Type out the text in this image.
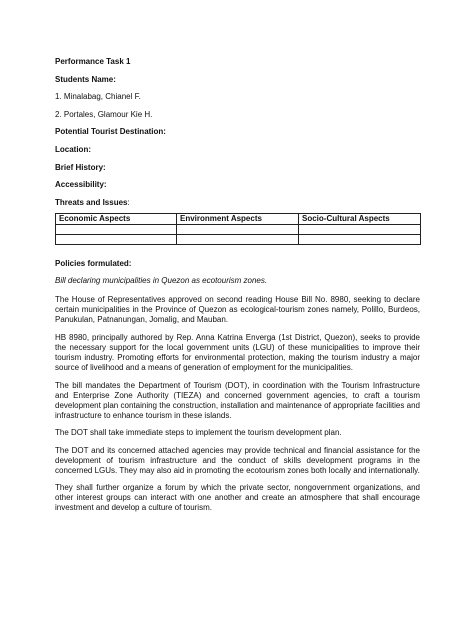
Performance Task 1

Students Name:

1. Minalabag, Chianel F.

2. Portales, Glamour Kie H.

Potential Tourist Destination:

Location:

Brief History:

Accessibility:

Threats and Issues:

Economic Aspects	Environment Aspects	Socio-Cultural Aspects

Policies formulated:

Bill declaring municipalities in Quezon as ecotourism zones.

The House of Representatives approved on second reading House Bill No. 8980, seeking to declare certain municipalities in the Province of Quezon as ecological-tourism zones namely, Polillo, Burdeos, Panukulan, Patnanungan, Jomalig, and Mauban.

HB 8980, principally authored by Rep. Anna Katrina Enverga (1st District, Quezon), seeks to provide the necessary support for the local government units (LGU) of these municipalities to improve their tourism industry. Promoting efforts for environmental protection, making the tourism industry a major source of livelihood and a means of generation of employment for the municipalities.

The bill mandates the Department of Tourism (DOT), in coordination with the Tourism Infrastructure and Enterprise Zone Authority (TIEZA) and concerned government agencies, to craft a tourism development plan containing the construction, installation and maintenance of appropriate facilities and infrastructure to enhance tourism in these islands.

The DOT shall take immediate steps to implement the tourism development plan.

The DOT and its concerned attached agencies may provide technical and financial assistance for the development of tourism infrastructure and the conduct of skills development programs in the concerned LGUs. They may also aid in promoting the ecotourism zones both locally and internationally.

They shall further organize a forum by which the private sector, nongovernment organizations, and other interest groups can interact with one another and create an atmosphere that shall encourage investment and develop a culture of tourism.
